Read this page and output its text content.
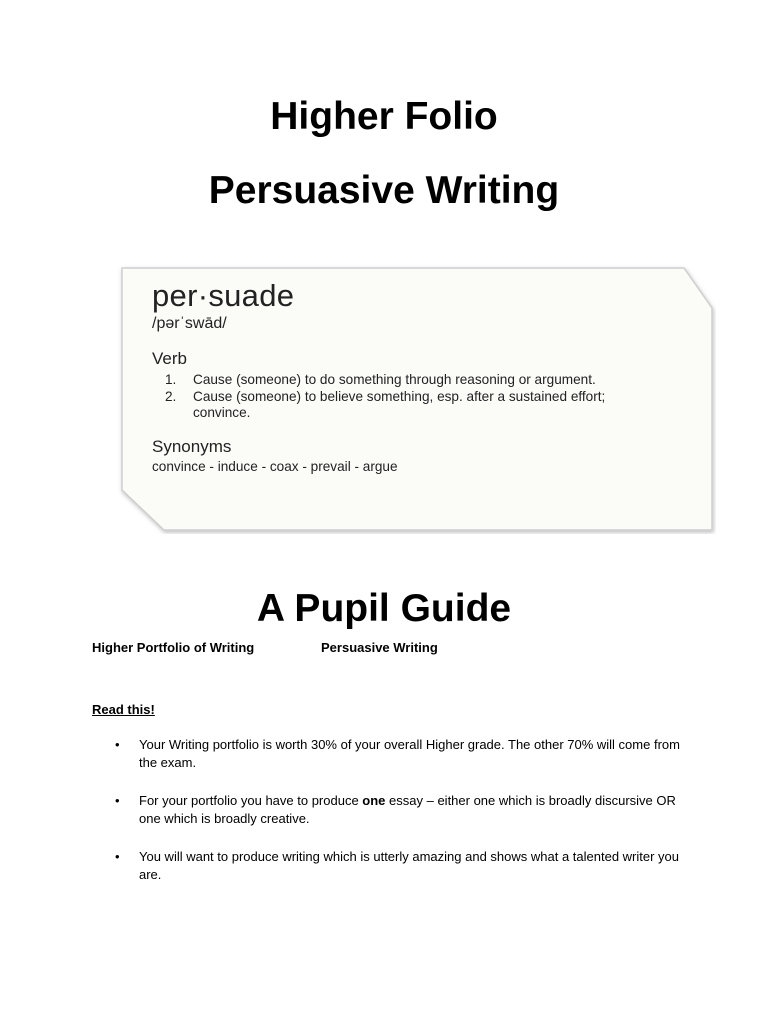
Higher Folio
Persuasive Writing
per·suade
/pərˈswād/
Verb
1.	Cause (someone) to do something through reasoning or argument.
2.	Cause (someone) to believe something, esp. after a sustained effort; convince.
Synonyms
convince - induce - coax - prevail - argue
A Pupil Guide
Higher Portfolio of Writing	Persuasive Writing
Read this!
•	Your Writing portfolio is worth 30% of your overall Higher grade. The other 70% will come from the exam.
•	For your portfolio you have to produce one essay – either one which is broadly discursive OR one which is broadly creative.
•	You will want to produce writing which is utterly amazing and shows what a talented writer you are.
